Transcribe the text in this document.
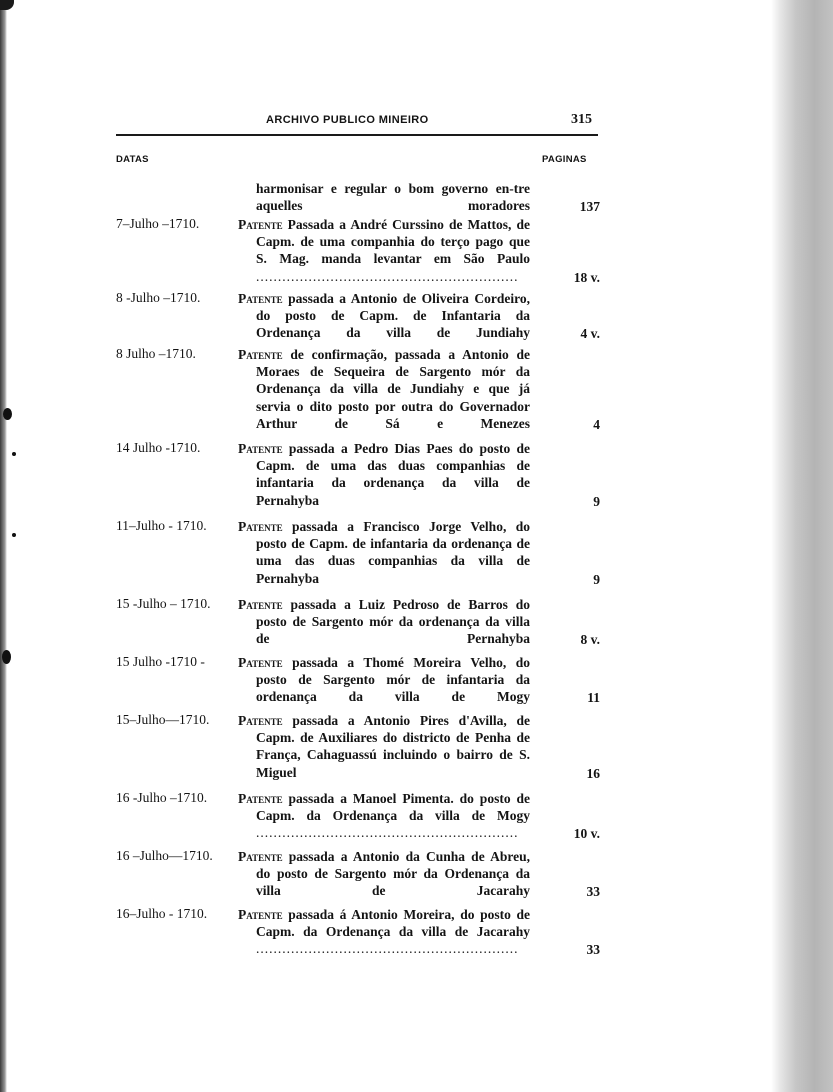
ARCHIVO PUBLICO MINEIRO	315
DATAS	PAGINAS
harmonisar e regular o bom governo en-tre aquelles moradores	137
7–Julho –1710.	Patente Passada a André Curssino de Mattos, de Capm. de uma companhia do terço pago que S. Mag. manda levantar em São Paulo ............................................................	18 v.
8 -Julho –1710.	Patente passada a Antonio de Oliveira Cordeiro, do posto de Capm. de Infantaria da Ordenança da villa de Jundiahy	4 v.
8 Julho –1710.	Patente de confirmação, passada a Antonio de Moraes de Sequeira de Sargento mór da Ordenança da villa de Jundiahy e que já servia o dito posto por outra do Governador Arthur de Sá e Menezes	4
14 Julho -1710.	Patente passada a Pedro Dias Paes do posto de Capm. de uma das duas companhias de infantaria da ordenança da villa de Pernahyba	9
11–Julho - 1710. Patente passada a Francisco Jorge Velho, do posto de Capm. de infantaria da ordenança de uma das duas companhias da villa de Pernahyba	9
15 -Julho – 1710. Patente passada a Luiz Pedroso de Barros do posto de Sargento mór da ordenança da villa de Pernahyba	8 v.
15 Julho -1710 - Patente passada a Thomé Moreira Velho, do posto de Sargento mór de infantaria da ordenança da villa de Mogy	11
15–Julho—1710. Patente passada a Antonio Pires d'Avilla, de Capm. de Auxiliares do districto de Penha de França, Cahaguassú incluindo o bairro de S. Miguel	16
16 -Julho –1710. Patente passada a Manoel Pimenta. do posto de Capm. da Ordenança da villa de Mogy ............................................................	10 v.
16 –Julho—1710. Patente passada a Antonio da Cunha de Abreu, do posto de Sargento mór da Ordenança da villa de Jacarahy	33
16–Julho - 1710. Patente passada á Antonio Moreira, do posto de Capm. da Ordenança da villa de Jacarahy ............................................................	33
